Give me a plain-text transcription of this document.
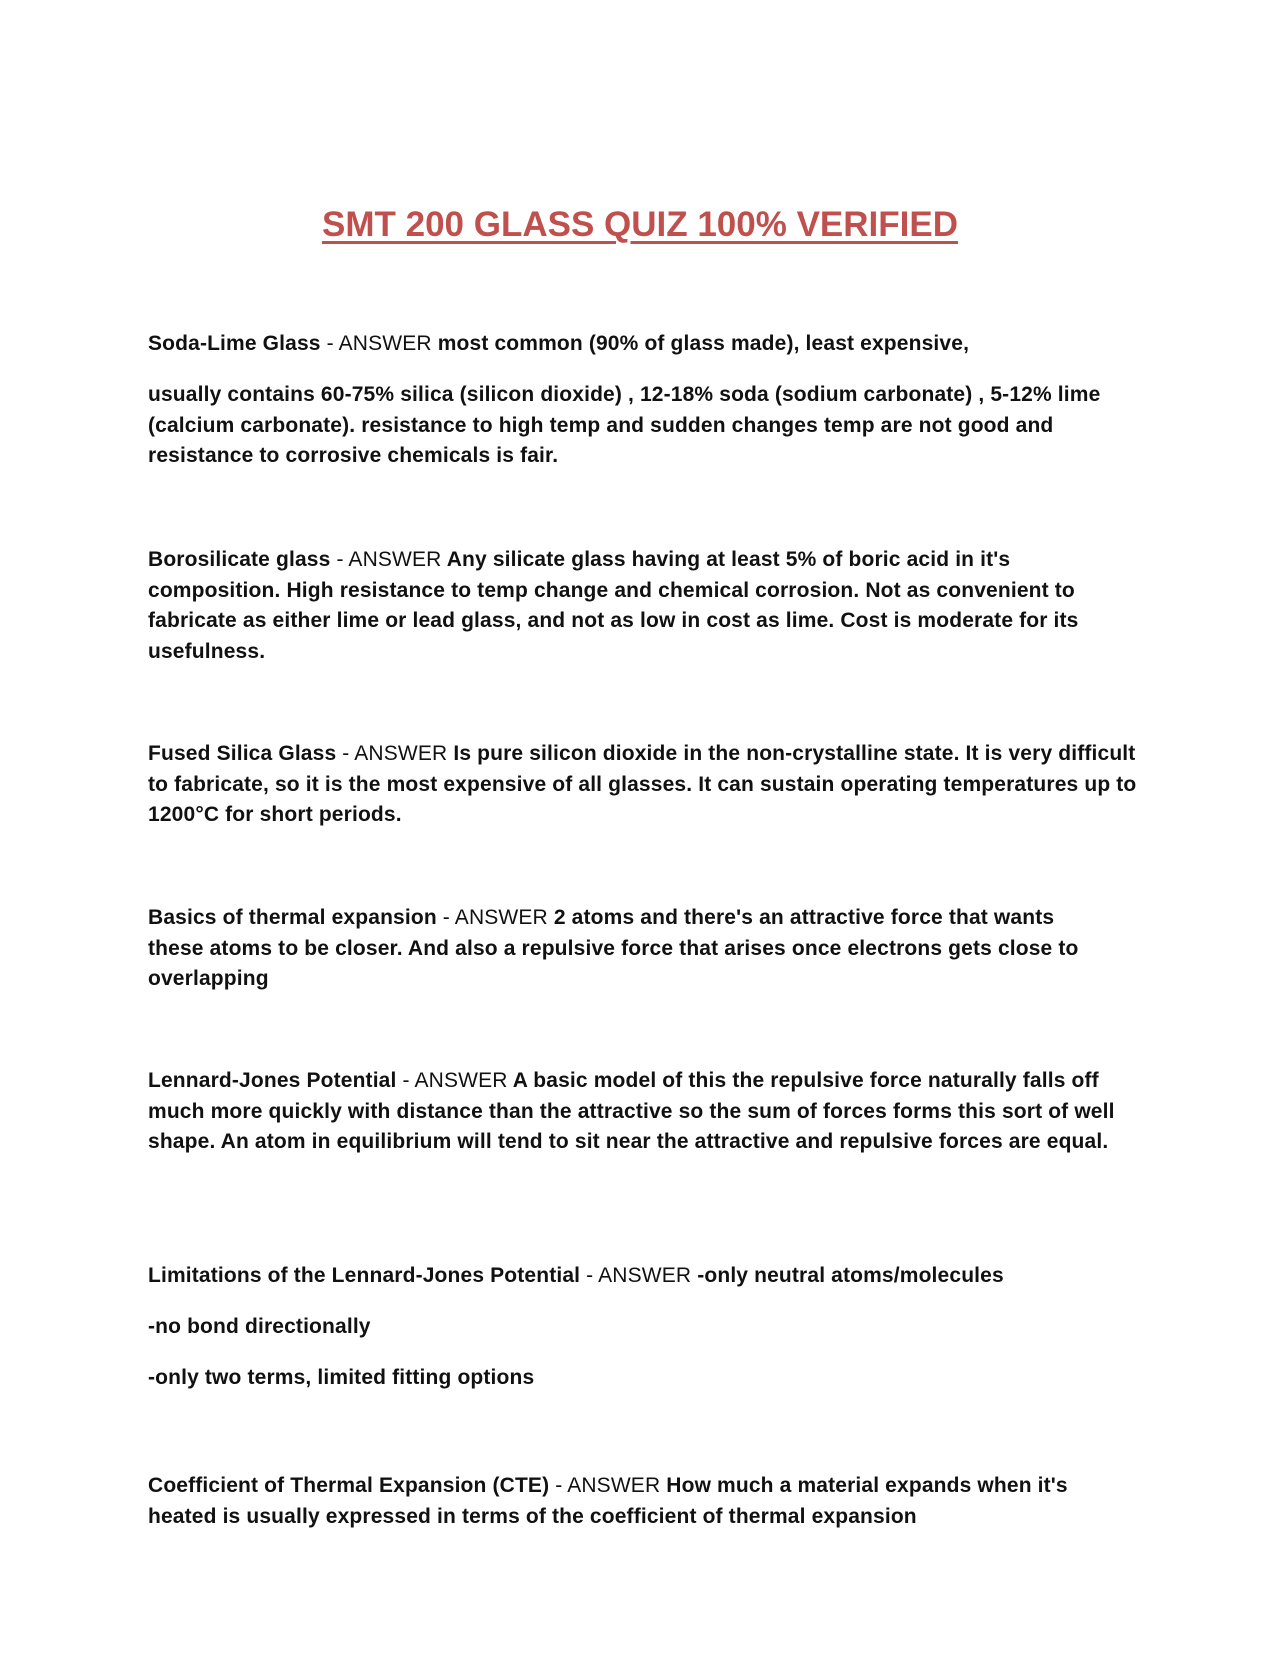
SMT 200 GLASS QUIZ 100% VERIFIED

Soda-Lime Glass - ANSWER most common (90% of glass made), least expensive,

usually contains 60-75% silica (silicon dioxide) , 12-18% soda (sodium carbonate) , 5-12% lime (calcium carbonate). resistance to high temp and sudden changes temp are not good and resistance to corrosive chemicals is fair.

Borosilicate glass - ANSWER Any silicate glass having at least 5% of boric acid in it's composition. High resistance to temp change and chemical corrosion. Not as convenient to fabricate as either lime or lead glass, and not as low in cost as lime. Cost is moderate for its usefulness.

Fused Silica Glass - ANSWER Is pure silicon dioxide in the non-crystalline state. It is very difficult to fabricate, so it is the most expensive of all glasses. It can sustain operating temperatures up to 1200°C for short periods.

Basics of thermal expansion - ANSWER 2 atoms and there's an attractive force that wants these atoms to be closer. And also a repulsive force that arises once electrons gets close to overlapping

Lennard-Jones Potential - ANSWER A basic model of this the repulsive force naturally falls off much more quickly with distance than the attractive so the sum of forces forms this sort of well shape. An atom in equilibrium will tend to sit near the attractive and repulsive forces are equal.

Limitations of the Lennard-Jones Potential - ANSWER -only neutral atoms/molecules

-no bond directionally

-only two terms, limited fitting options

Coefficient of Thermal Expansion (CTE) - ANSWER How much a material expands when it's heated is usually expressed in terms of the coefficient of thermal expansion
